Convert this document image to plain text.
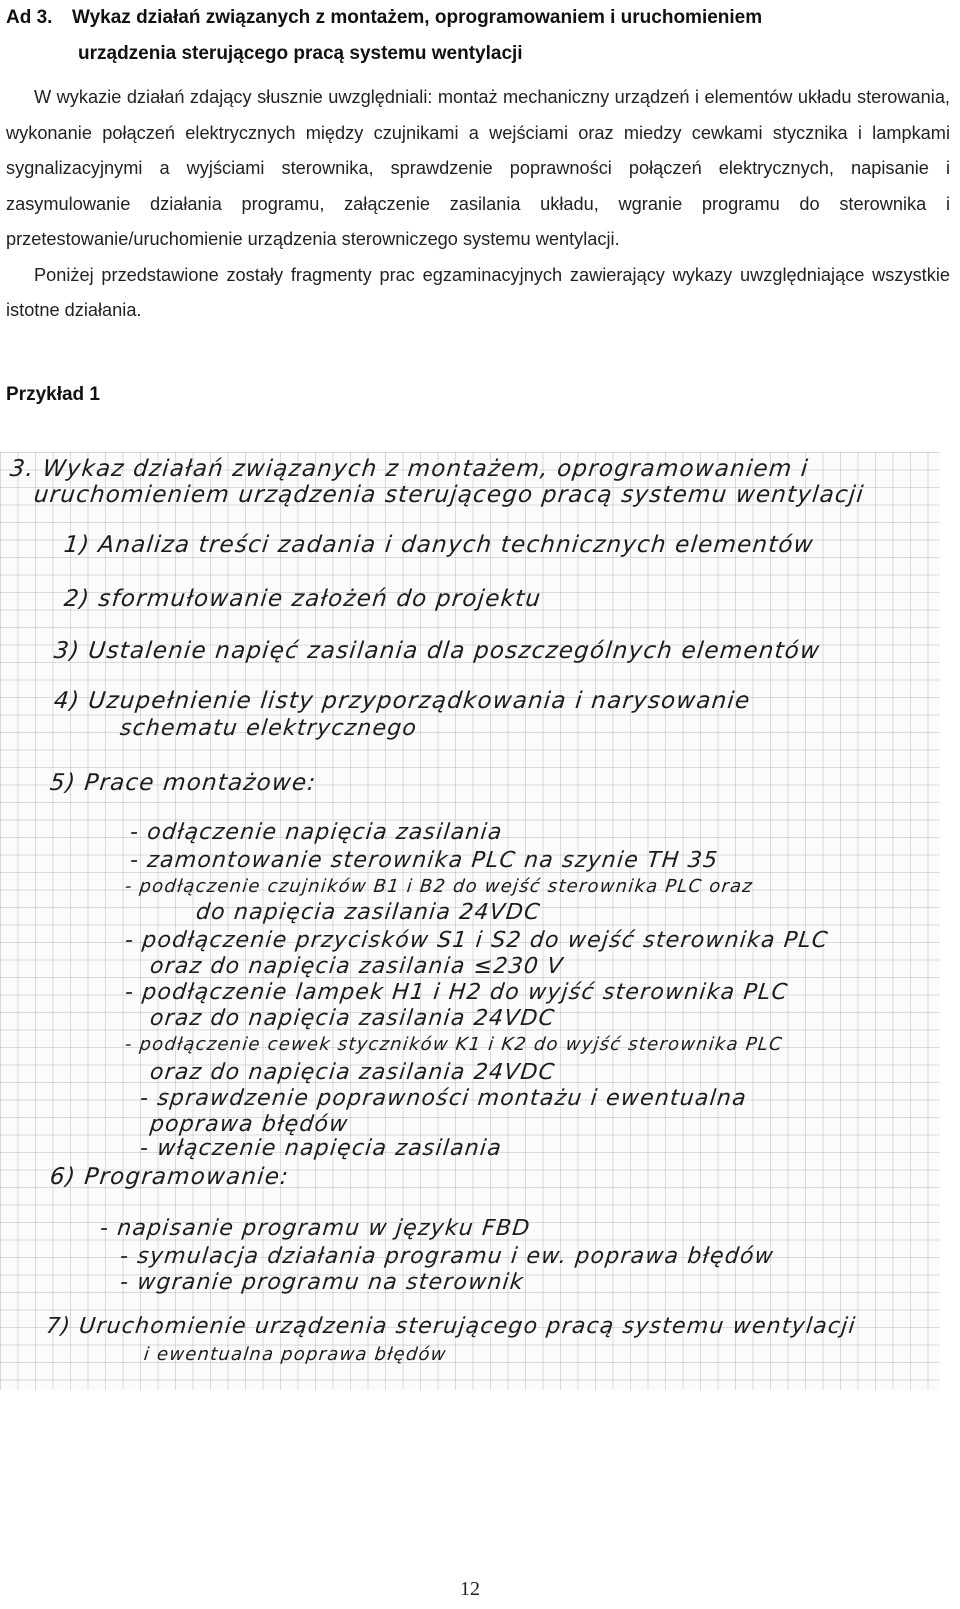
Ad 3. Wykaz działań związanych z montażem, oprogramowaniem i uruchomieniem
urządzenia sterującego pracą systemu wentylacji

W wykazie działań zdający słusznie uwzględniali: montaż mechaniczny urządzeń i elementów układu sterowania, wykonanie połączeń elektrycznych między czujnikami a wejściami oraz miedzy cewkami stycznika i lampkami sygnalizacyjnymi a wyjściami sterownika, sprawdzenie poprawności połączeń elektrycznych, napisanie i zasymulowanie działania programu, załączenie zasilania układu, wgranie programu do sterownika i przetestowanie/uruchomienie urządzenia sterowniczego systemu wentylacji.

Poniżej przedstawione zostały fragmenty prac egzaminacyjnych zawierający wykazy uwzględniające wszystkie istotne działania.

Przykład 1
3. Wykaz działań związanych z montażem, oprogramowaniem i
uruchomieniem urządzenia sterującego pracą systemu wentylacji
1) Analiza treści zadania i danych technicznych elementów
2) sformułowanie założeń do projektu
3) Ustalenie napięć zasilania dla poszczególnych elementów
4) Uzupełnienie listy przyporządkowania i narysowanie
schematu elektrycznego
5) Prace montażowe:
- odłączenie napięcia zasilania
- zamontowanie sterownika PLC na szynie TH 35
- podłączenie czujników B1 i B2 do wejść sterownika PLC oraz
do napięcia zasilania 24VDC
- podłączenie przycisków S1 i S2 do wejść sterownika PLC
oraz do napięcia zasilania ≤230 V
- podłączenie lampek H1 i H2 do wyjść sterownika PLC
oraz do napięcia zasilania 24VDC
- podłączenie cewek styczników K1 i K2 do wyjść sterownika PLC
oraz do napięcia zasilania 24VDC
- sprawdzenie poprawności montażu i ewentualna
poprawa błędów
- włączenie napięcia zasilania
6) Programowanie:
- napisanie programu w języku FBD
- symulacja działania programu i ew. poprawa błędów
- wgranie programu na sterownik
7) Uruchomienie urządzenia sterującego pracą systemu wentylacji
i ewentualna poprawa błędów
12
